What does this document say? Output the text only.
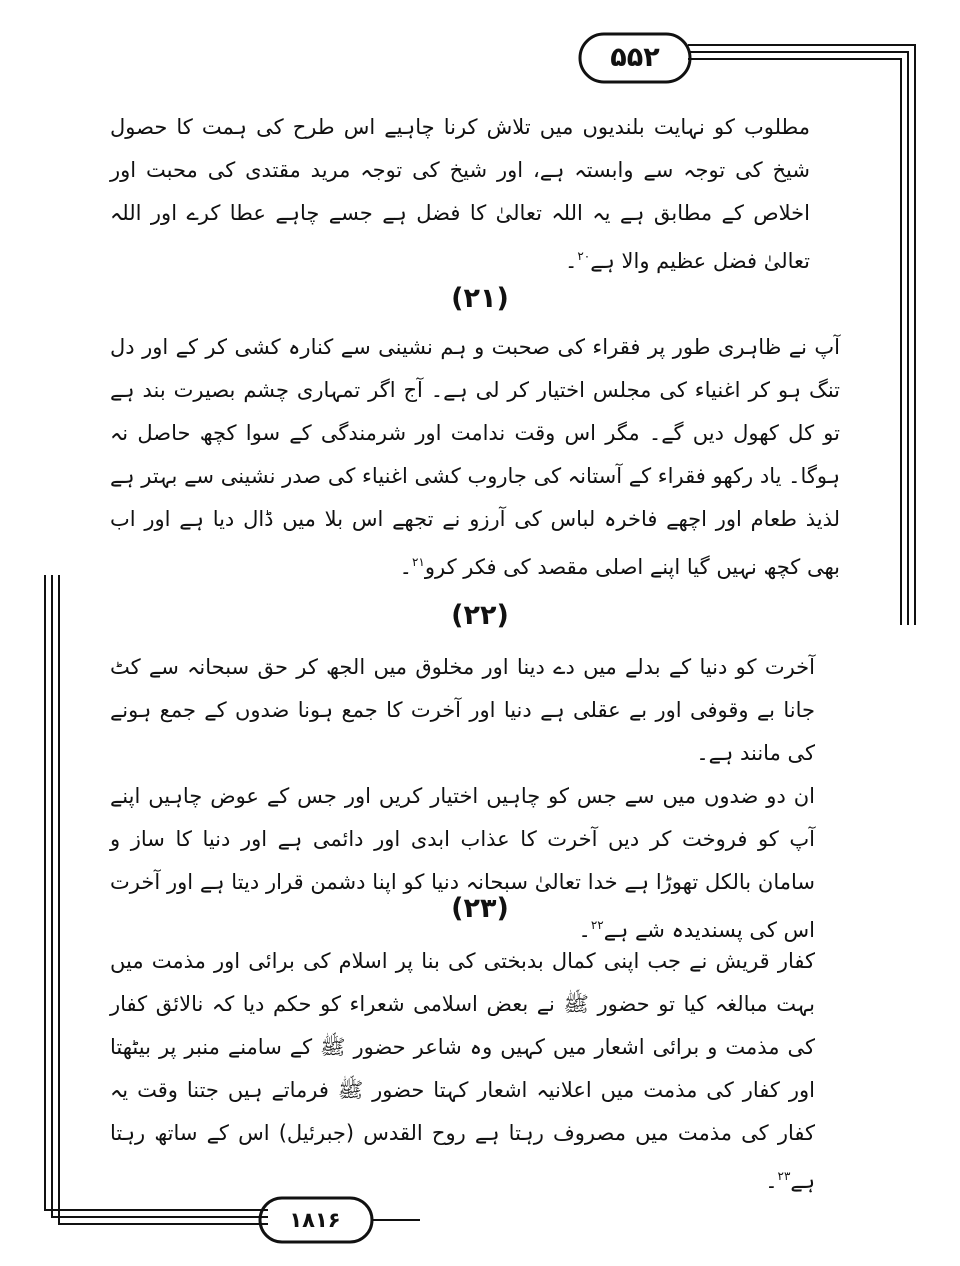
۵۵۲
۱۸۱۶

مطلوب کو نہایت بلندیوں میں تلاش کرنا چاہیے اس طرح کی ہمت کا حصول شیخ کی توجہ سے وابستہ ہے، اور شیخ کی توجہ مرید مقتدی کی محبت اور اخلاص کے مطابق ہے یہ اللہ تعالیٰ کا فضل ہے جسے چاہے عطا کرے اور اللہ تعالیٰ فضل عظیم والا ہے$^{۲۰}$۔

(۲۱)

آپ نے ظاہری طور پر فقراء کی صحبت و ہم نشینی سے کنارہ کشی کر کے اور دل تنگ ہو کر اغنیاء کی مجلس اختیار کر لی ہے۔ آج اگر تمہاری چشم بصیرت بند ہے تو کل کھول دیں گے۔ مگر اس وقت ندامت اور شرمندگی کے سوا کچھ حاصل نہ ہوگا۔ یاد رکھو فقراء کے آستانہ کی جاروب کشی اغنیاء کی صدر نشینی سے بہتر ہے لذیذ طعام اور اچھے فاخرہ لباس کی آرزو نے تجھے اس بلا میں ڈال دیا ہے اور اب بھی کچھ نہیں گیا اپنے اصلی مقصد کی فکر کرو$^{۲۱}$۔

(۲۲)

آخرت کو دنیا کے بدلے میں دے دینا اور مخلوق میں الجھ کر حق سبحانہ سے کٹ جانا بے وقوفی اور بے عقلی ہے دنیا اور آخرت کا جمع ہونا ضدوں کے جمع ہونے کی مانند ہے۔

ان دو ضدوں میں سے جس کو چاہیں اختیار کریں اور جس کے عوض چاہیں اپنے آپ کو فروخت کر دیں آخرت کا عذاب ابدی اور دائمی ہے اور دنیا کا ساز و سامان بالکل تھوڑا ہے خدا تعالیٰ سبحانہ دنیا کو اپنا دشمن قرار دیتا ہے اور آخرت اس کی پسندیدہ شے ہے$^{۲۲}$۔

(۲۳)

کفار قریش نے جب اپنی کمال بدبختی کی بنا پر اسلام کی برائی اور مذمت میں بہت مبالغہ کیا تو حضور ﷺ نے بعض اسلامی شعراء کو حکم دیا کہ نالائق کفار کی مذمت و برائی اشعار میں کہیں وہ شاعر حضور ﷺ کے سامنے منبر پر بیٹھتا اور کفار کی مذمت میں اعلانیہ اشعار کہتا حضور ﷺ فرماتے ہیں جتنا وقت یہ کفار کی مذمت میں مصروف رہتا ہے روح القدس (جبرئیل) اس کے ساتھ رہتا ہے$^{۲۳}$۔
